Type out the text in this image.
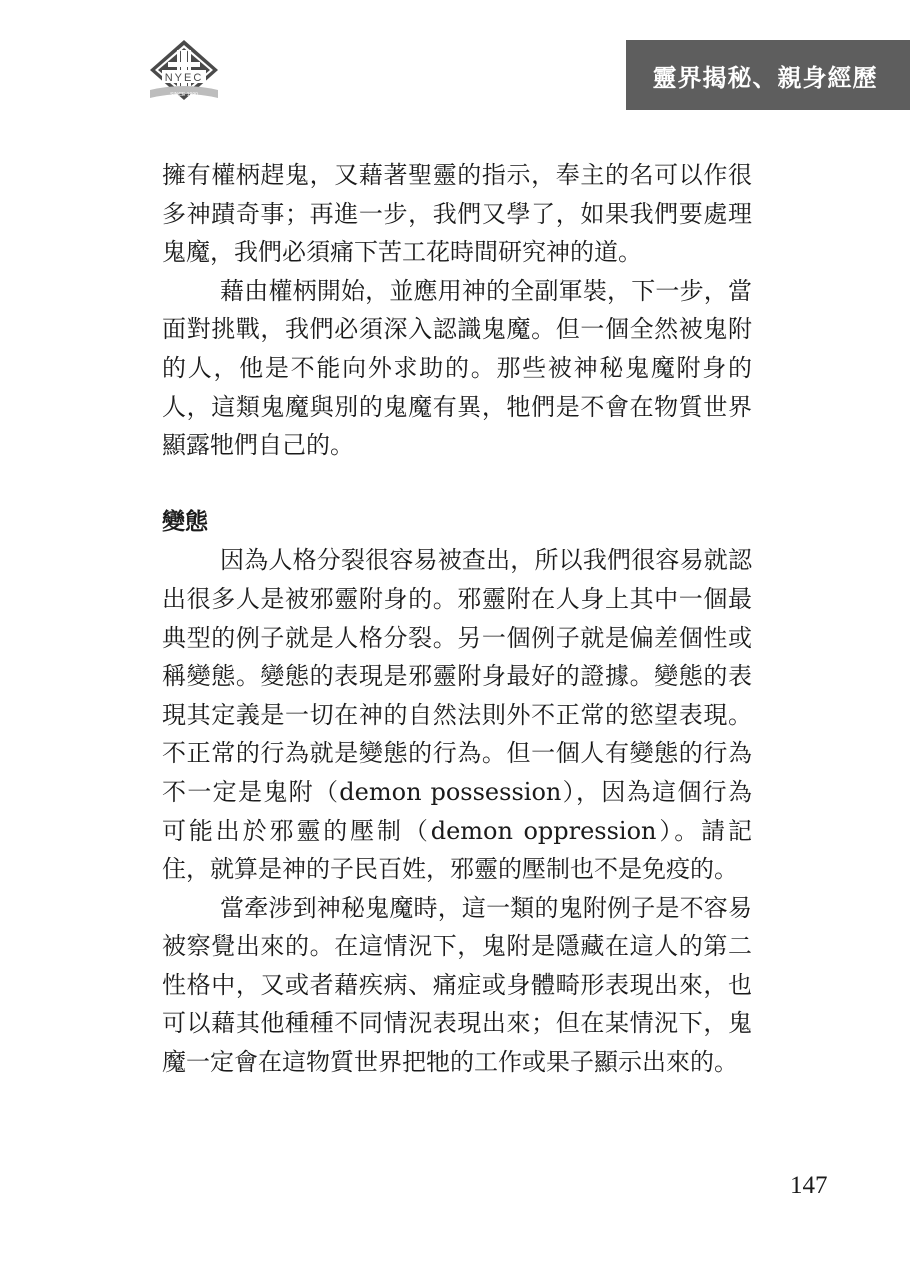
NYEC
SINCE 1990
靈界揭秘、親身經歷

擁有權柄趕鬼，又藉著聖靈的指示，奉主的名可以作很多神蹟奇事；再進一步，我們又學了，如果我們要處理鬼魔，我們必須痛下苦工花時間研究神的道。

藉由權柄開始，並應用神的全副軍裝，下一步，當面對挑戰，我們必須深入認識鬼魔。但一個全然被鬼附的人，他是不能向外求助的。那些被神秘鬼魔附身的人，這類鬼魔與別的鬼魔有異，牠們是不會在物質世界顯露牠們自己的。

變態

因為人格分裂很容易被查出，所以我們很容易就認出很多人是被邪靈附身的。邪靈附在人身上其中一個最典型的例子就是人格分裂。另一個例子就是偏差個性或稱變態。變態的表現是邪靈附身最好的證據。變態的表現其定義是一切在神的自然法則外不正常的慾望表現。不正常的行為就是變態的行為。但一個人有變態的行為不一定是鬼附（demon possession），因為這個行為可能出於邪靈的壓制（demon oppression）。請記住，就算是神的子民百姓，邪靈的壓制也不是免疫的。

當牽涉到神秘鬼魔時，這一類的鬼附例子是不容易被察覺出來的。在這情況下，鬼附是隱藏在這人的第二性格中，又或者藉疾病、痛症或身體畸形表現出來，也可以藉其他種種不同情況表現出來；但在某情況下，鬼魔一定會在這物質世界把牠的工作或果子顯示出來的。

147
